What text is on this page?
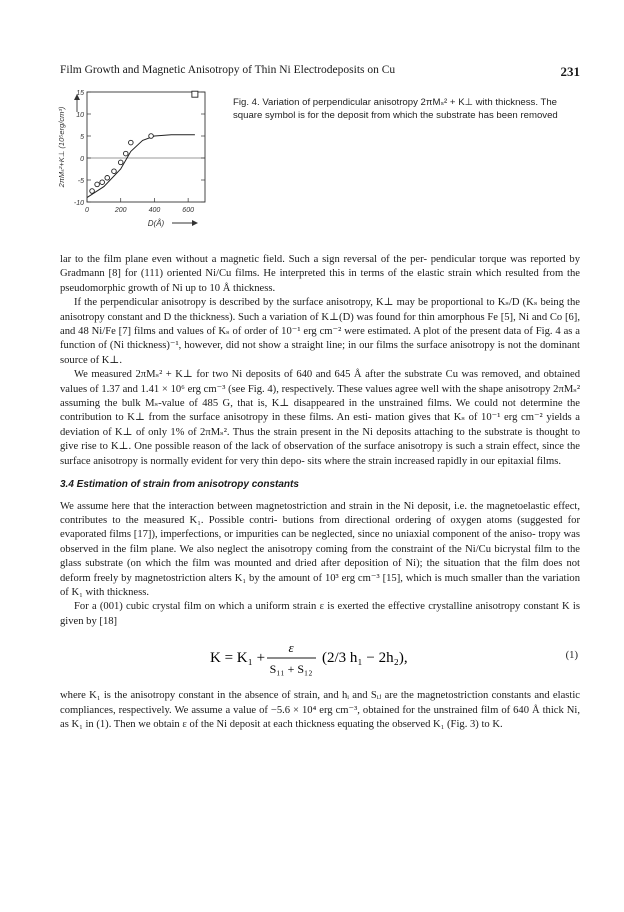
Film Growth and Magnetic Anisotropy of Thin Ni Electrodeposits on Cu	231
-10
-5
0
5
10
15
0	200	400	600
D(Å)
2πMₛ²+K⊥ (10⁵erg/cm³)
Fig. 4. Variation of perpendicular anisotropy 2πMₛ² + K⊥ with thickness. The square symbol is for the deposit from which the substrate has been removed

lar to the film plane even without a magnetic field. Such a sign reversal of the per- pendicular torque was reported by Gradmann [8] for (111) oriented Ni/Cu films. He interpreted this in terms of the elastic strain which resulted from the pseudomorphic growth of Ni up to 10 Å thickness.

If the perpendicular anisotropy is described by the surface anisotropy, K⊥ may be proportional to Kₛ/D (Kₛ being the anisotropy constant and D the thickness). Such a variation of K⊥(D) was found for thin amorphous Fe [5], Ni and Co [6], and 48 Ni/Fe [7] films and values of Kₛ of order of 10⁻¹ erg cm⁻² were estimated. A plot of the present data of Fig. 4 as a function of (Ni thickness)⁻¹, however, did not show a straight line; in our films the surface anisotropy is not the dominant source of K⊥.

We measured 2πMₛ² + K⊥ for two Ni deposits of 640 and 645 Å after the substrate Cu was removed, and obtained values of 1.37 and 1.41 × 10⁶ erg cm⁻³ (see Fig. 4), respectively. These values agree well with the shape anisotropy 2πMₛ² assuming the bulk Mₛ-value of 485 G, that is, K⊥ disappeared in the unstrained films. We could not determine the contribution to K⊥ from the surface anisotropy in these films. An esti- mation gives that Kₛ of 10⁻¹ erg cm⁻² yields a deviation of K⊥ of only 1% of 2πMₛ². Thus the strain present in the Ni deposits attaching to the substrate is thought to give rise to K⊥. One possible reason of the lack of observation of the surface anisotropy is such a strain effect, since the surface anisotropy is normally evident for very thin depo- sits where the strain increased rapidly in our epitaxial films.

3.4 Estimation of strain from anisotropy constants

We assume here that the interaction between magnetostriction and strain in the Ni deposit, i.e. the magnetoelastic effect, contributes to the measured K₁. Possible contri- butions from directional ordering of oxygen atoms (suggested for evaporated films [17]), imperfections, or impurities can be neglected, since no uniaxial component of the aniso- tropy was observed in the film plane. We also neglect the anisotropy coming from the constraint of the Ni/Cu bicrystal film to the glass substrate (on which the film was mounted and dried after deposition of Ni); the situation that the film does not deform freely by magnetostriction alters K₁ by the amount of 10³ erg cm⁻³ [15], which is much smaller than the variation of K₁ with thickness.

For a (001) cubic crystal film on which a uniform strain ε is exerted the effective crystalline anisotropy constant K is given by [18]

K = K₁ +
ε
S₁₁ + S₁₂
(2/3 h₁ − 2h₂),	(1)

where K₁ is the anisotropy constant in the absence of strain, and hᵢ and Sᵢⱼ are the magnetostriction constants and elastic compliances, respectively. We assume a value of −5.6 × 10⁴ erg cm⁻³, obtained for the unstrained film of 640 Å thick Ni, as K₁ in (1). Then we obtain ε of the Ni deposit at each thickness equating the observed K₁ (Fig. 3) to K.
